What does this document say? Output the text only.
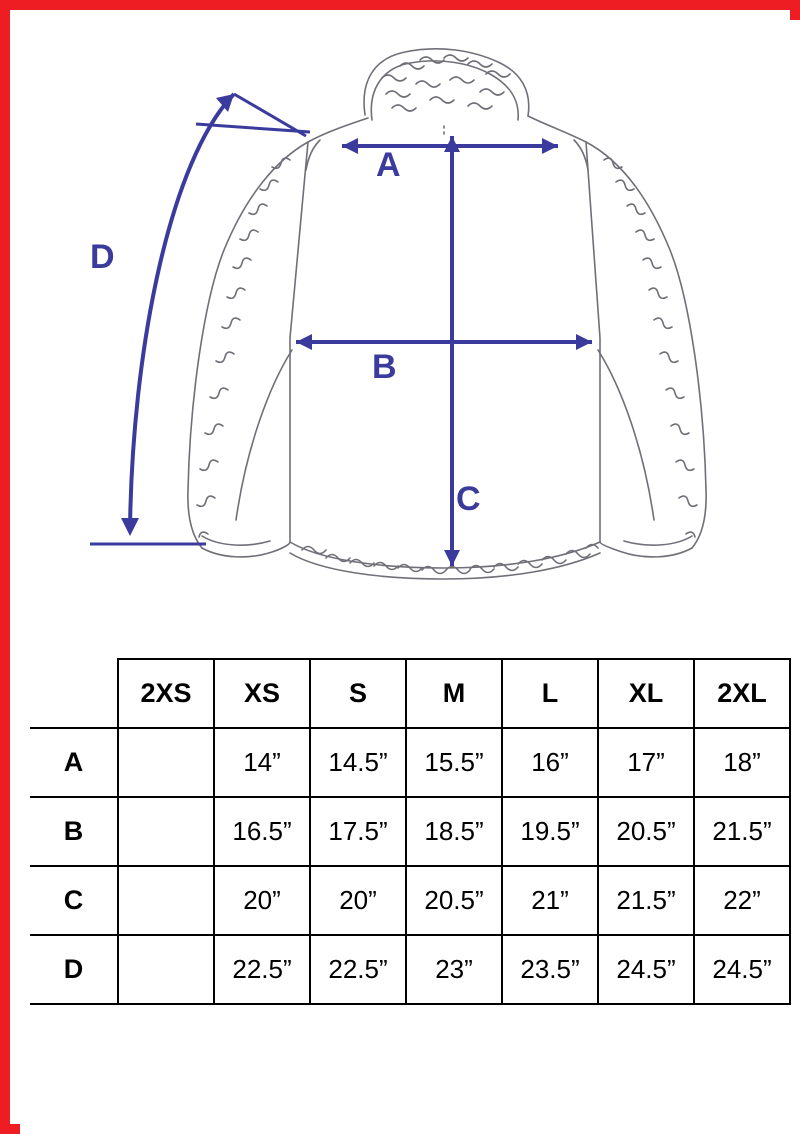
A
B
C
D
	2XS	XS	S	M	L	XL	2XL
A		14”	14.5”	15.5”	16”	17”	18”
B		16.5”	17.5”	18.5”	19.5”	20.5”	21.5”
C		20”	20”	20.5”	21”	21.5”	22”
D		22.5”	22.5”	23”	23.5”	24.5”	24.5”
